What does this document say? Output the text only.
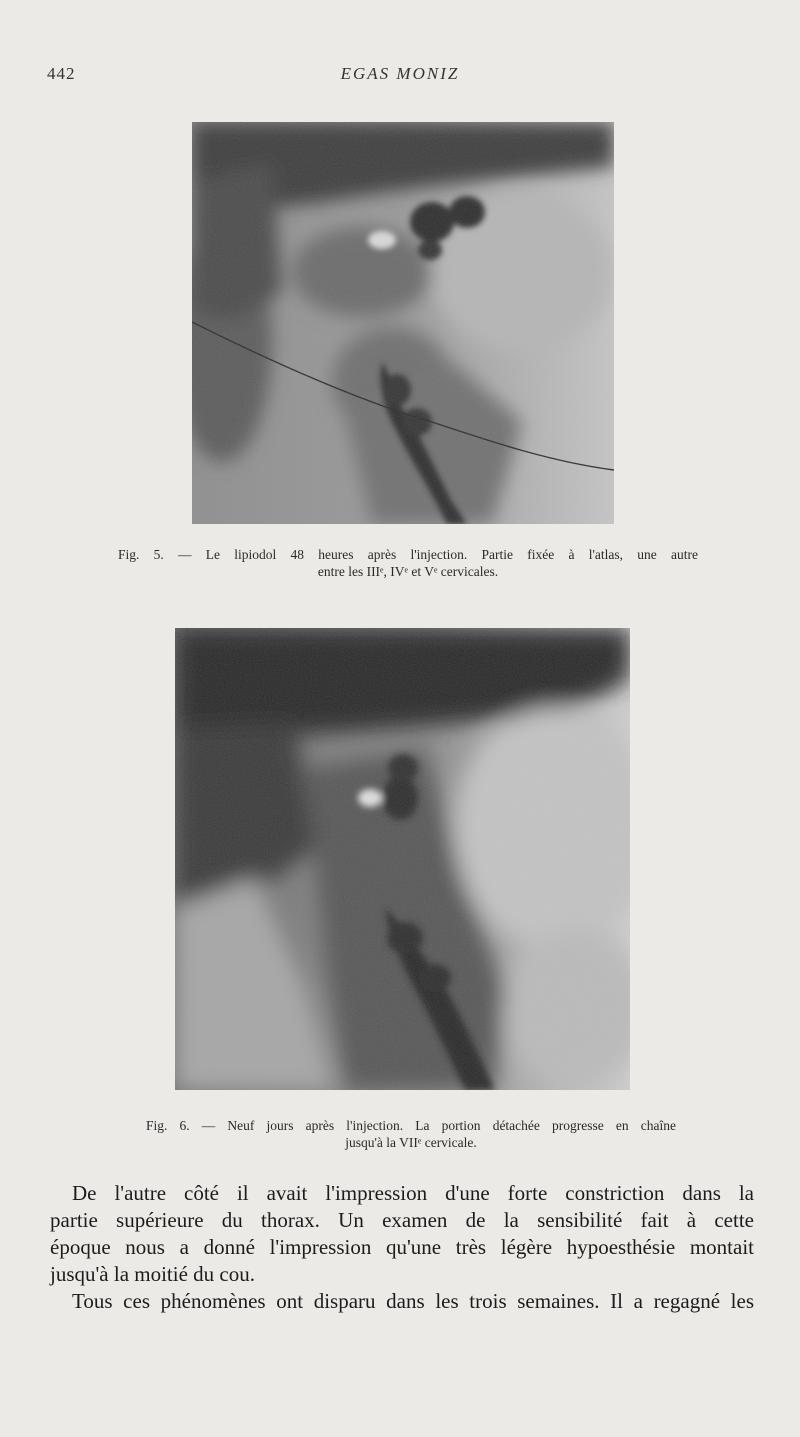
442	EGAS MONIZ
Fig. 5. — Le lipiodol 48 heures après l'injection. Partie fixée à l'atlas, une autre
entre les IIIᵉ, IVᵉ et Vᵉ cervicales.
Fig. 6. — Neuf jours après l'injection. La portion détachée progresse en chaîne
jusqu'à la VIIᵉ cervicale.
De l'autre côté il avait l'impression d'une forte constriction dans la
partie supérieure du thorax. Un examen de la sensibilité fait à cette
époque nous a donné l'impression qu'une très légère hypoesthésie montait
jusqu'à la moitié du cou.
Tous ces phénomènes ont disparu dans les trois semaines. Il a regagné les
